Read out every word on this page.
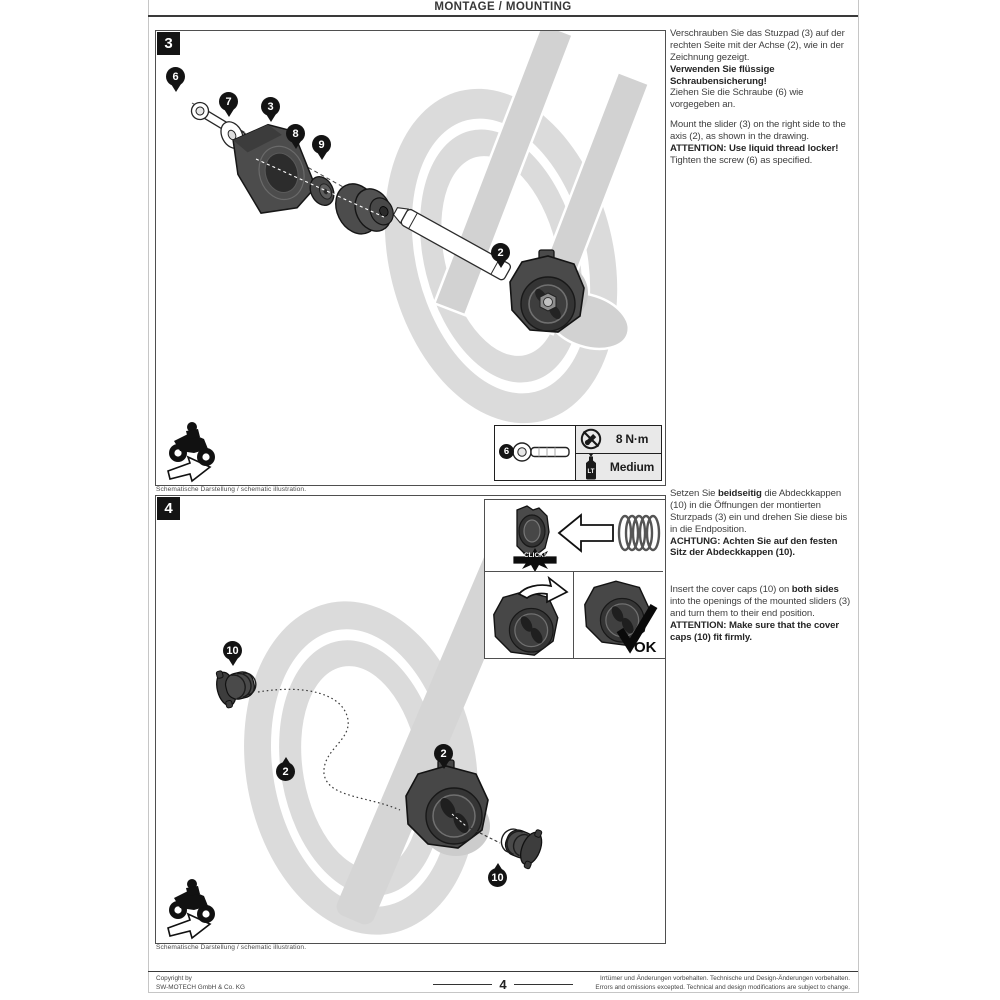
MONTAGE / MOUNTING
3
6
7	3
8
9
2
6
8 N·m
LT	Medium
Schematische Darstellung / schematic illustration.

Verschrauben Sie das Stuzpad (3) auf der rechten Seite mit der Achse (2), wie in der Zeichnung gezeigt.

Verwenden Sie flüssige Schraubensicherung!

Ziehen Sie die Schraube (6) wie vorgegeben an.

Mount the slider (3) on the right side to the axis (2), as shown in the drawing.

ATTENTION: Use liquid thread locker!

Tighten the screw (6) as specified.

4
10
2
2
10
CLICK!
OK
Schematische Darstellung / schematic illustration.

Setzen Sie beidseitig die Abdeckkappen (10) in die Öffnungen der montierten Sturzpads (3) ein und drehen Sie diese bis in die Endposition.

ACHTUNG: Achten Sie auf den festen Sitz der Abdeckkappen (10).

Insert the cover caps (10) on both sides into the openings of the mounted sliders (3) and turn them to their end position.

ATTENTION: Make sure that the cover caps (10) fit firmly.

Copyright by
SW-MOTECH GmbH & Co. KG
Irrtümer und Änderungen vorbehalten. Technische und Design-Änderungen vorbehalten.
Errors and omissions excepted. Technical and design modifications are subject to change.
4
